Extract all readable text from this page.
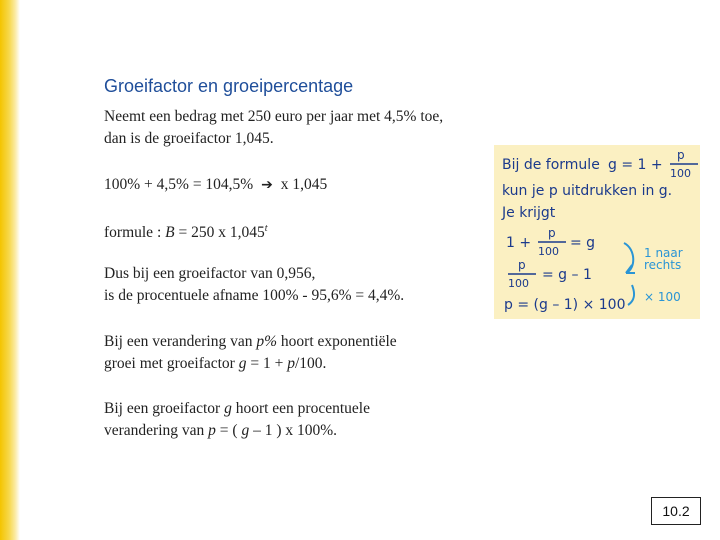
Groeifactor en groeipercentage
Neemt een bedrag met 250 euro per jaar met 4,5% toe,
dan is de groeifactor 1,045.
100% + 4,5% = 104,5% ➔ x 1,045
formule : B = 250 x 1,045$^t$
Dus bij een groeifactor van 0,956,
is de procentuele afname 100% - 95,6% = 4,4%.
Bij een verandering van p% hoort exponentiële
groei met groeifactor g = 1 + p/100.
Bij een groeifactor g hoort een procentuele
verandering van p = ( g – 1 ) x 100%.
Bij de formule g = 1 +
p
100
kun je p uitdrukken in g.
Je krijgt
1 +
p
100
= g
p
100
= g – 1
p = (g – 1) × 100
1 naar
rechts
× 100
10.2
